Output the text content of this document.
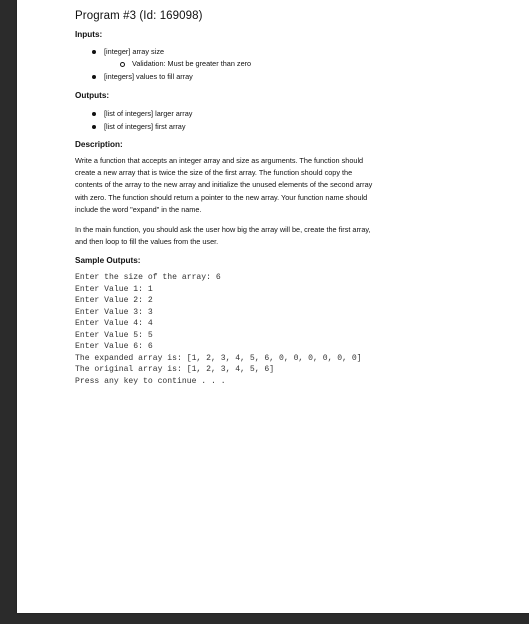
Program #3 (Id: 169098)
Inputs:
[integer] array size
Validation: Must be greater than zero
[integers] values to fill array
Outputs:
[list of integers] larger array
[list of integers] first array
Description:
Write a function that accepts an integer array and size as arguments. The function should
create a new array that is twice the size of the first array. The function should copy the
contents of the array to the new array and initialize the unused elements of the second array
with zero. The function should return a pointer to the new array. Your function name should
include the word "expand" in the name.
In the main function, you should ask the user how big the array will be, create the first array,
and then loop to fill the values from the user.
Sample Outputs:
Enter the size of the array: 6
Enter Value 1: 1
Enter Value 2: 2
Enter Value 3: 3
Enter Value 4: 4
Enter Value 5: 5
Enter Value 6: 6
The expanded array is: [1, 2, 3, 4, 5, 6, 0, 0, 0, 0, 0, 0]
The original array is: [1, 2, 3, 4, 5, 6]
Press any key to continue . . .
